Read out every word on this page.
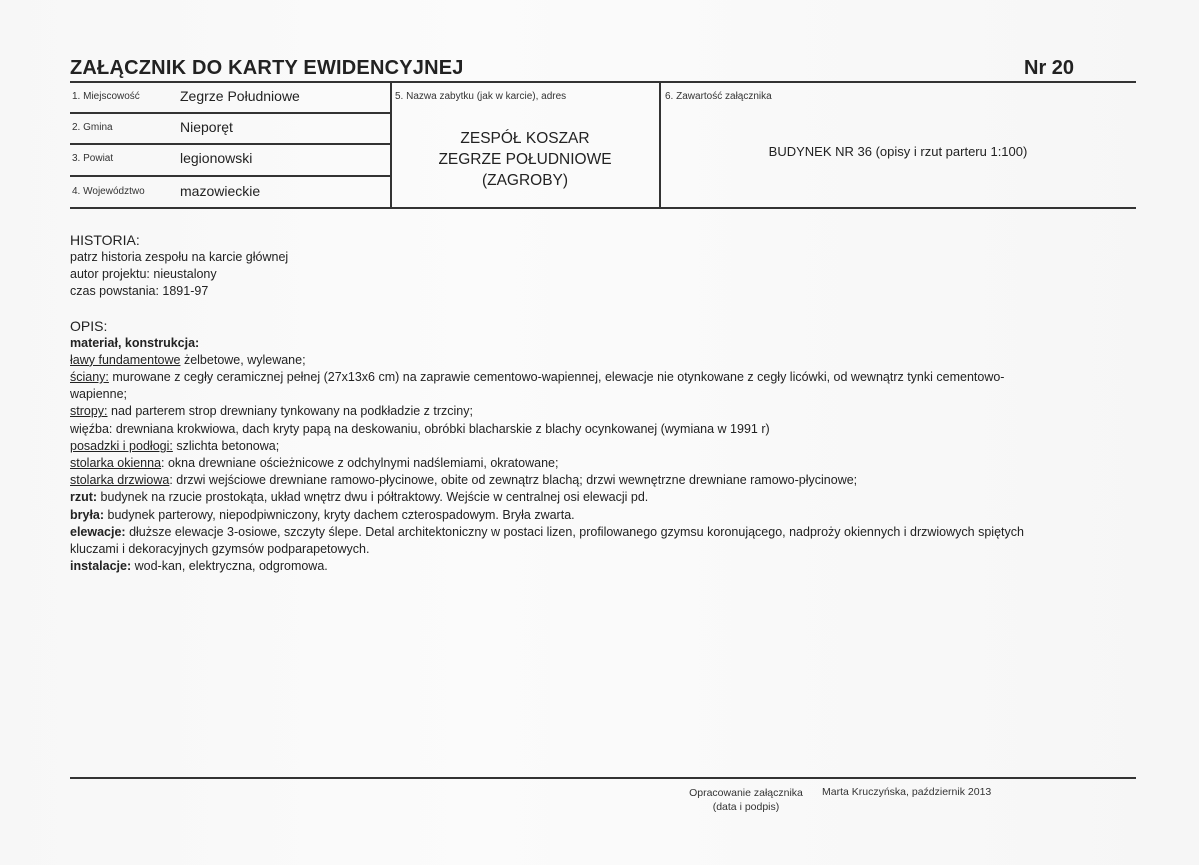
ZAŁĄCZNIK DO KARTY EWIDENCYJNEJ	Nr 20
1. Miejscowość	Zegrze Południowe
2. Gmina	Nieporęt
3. Powiat	legionowski
4. Województwo	mazowieckie
5. Nazwa zabytku (jak w karcie), adres
ZESPÓŁ KOSZAR
ZEGRZE POŁUDNIOWE
(ZAGROBY)
6. Zawartość załącznika
BUDYNEK NR 36 (opisy i rzut parteru 1:100)

HISTORIA:

patrz historia zespołu na karcie głównej

autor projektu: nieustalony

czas powstania: 1891-97

OPIS:

materiał, konstrukcja:

ławy fundamentowe żelbetowe, wylewane;

ściany: murowane z cegły ceramicznej pełnej (27x13x6 cm) na zaprawie cementowo-wapiennej, elewacje nie otynkowane z cegły licówki, od wewnątrz tynki cementowo-

wapienne;

stropy: nad parterem strop drewniany tynkowany na podkładzie z trzciny;

więźba: drewniana krokwiowa, dach kryty papą na deskowaniu, obróbki blacharskie z blachy ocynkowanej (wymiana w 1991 r)

posadzki i podłogi: szlichta betonowa;

stolarka okienna: okna drewniane ościeżnicowe z odchylnymi nadślemiami, okratowane;

stolarka drzwiowa: drzwi wejściowe drewniane ramowo-płycinowe, obite od zewnątrz blachą; drzwi wewnętrzne drewniane ramowo-płycinowe;

rzut: budynek na rzucie prostokąta, układ wnętrz dwu i półtraktowy. Wejście w centralnej osi elewacji pd.

bryła: budynek parterowy, niepodpiwniczony, kryty dachem czterospadowym. Bryła zwarta.

elewacje: dłuższe elewacje 3-osiowe, szczyty ślepe. Detal architektoniczny w postaci lizen, profilowanego gzymsu koronującego, nadproży okiennych i drzwiowych spiętych

kluczami i dekoracyjnych gzymsów podparapetowych.

instalacje: wod-kan, elektryczna, odgromowa.

Opracowanie załącznika
(data i podpis)
Marta Kruczyńska, październik 2013
